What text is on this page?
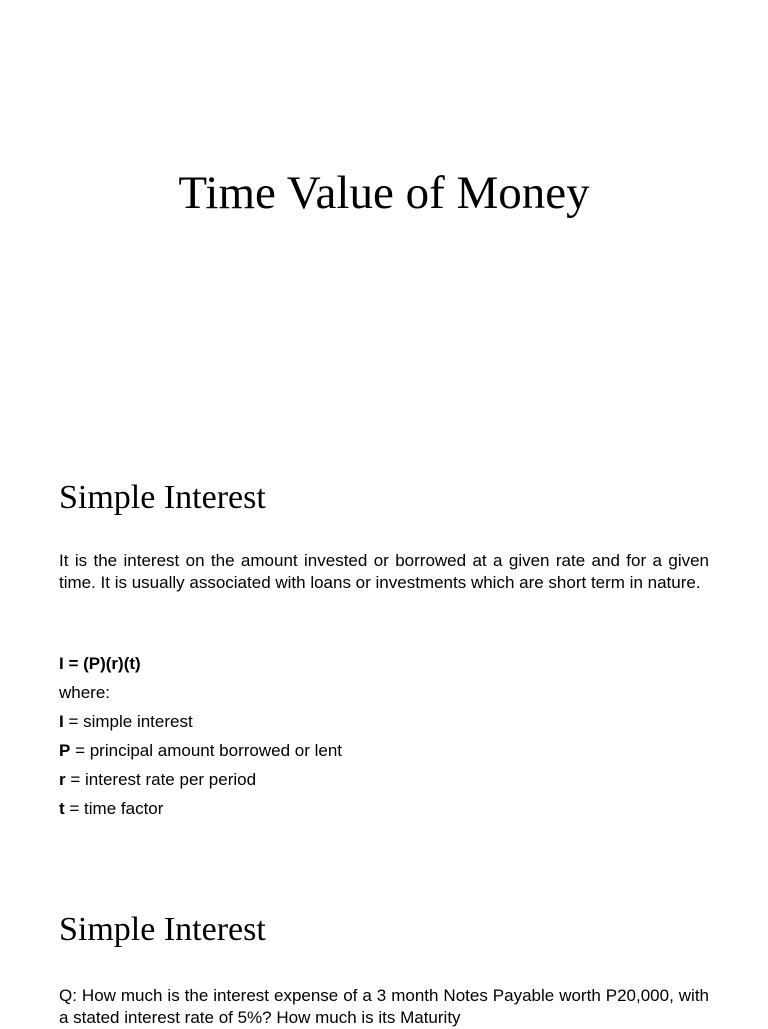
Time Value of Money
Simple Interest

It is the interest on the amount invested or borrowed at a given rate and for a given time. It is usually associated with loans or investments which are short term in nature.

I = (P)(r)(t)
where:
I = simple interest
P = principal amount borrowed or lent
r = interest rate per period
t = time factor
Simple Interest

Q: How much is the interest expense of a 3 month Notes Payable worth P20,000, with a stated interest rate of 5%? How much is its Maturity
